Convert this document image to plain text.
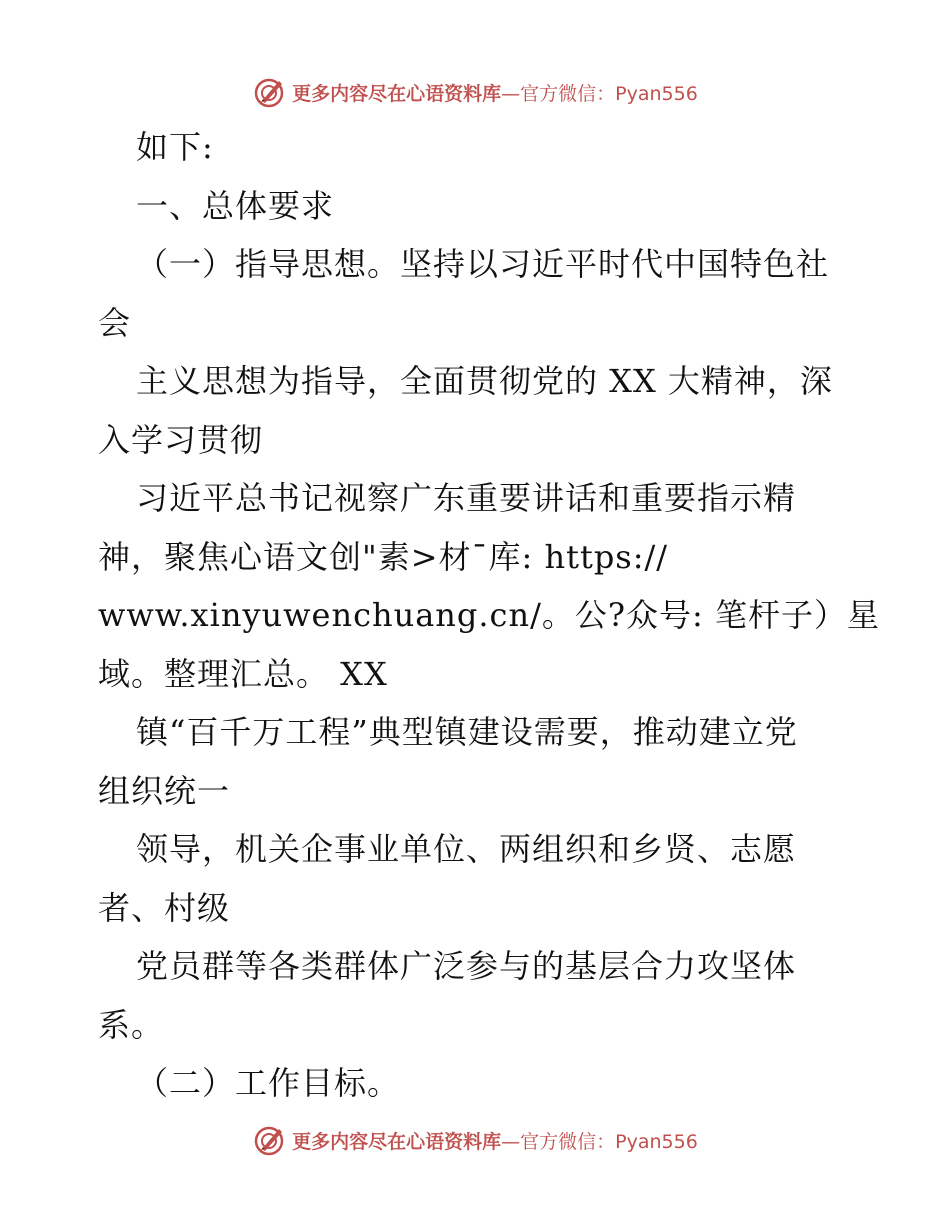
更多内容尽在心语资料库 —官方微信：Pyan556
如下:
一、总体要求
（一）指导思想。坚持以习近平时代中国特色社
会
主义思想为指导，全面贯彻党的 XX 大精神，深
入学习贯彻
习近平总书记视察广东重要讲话和重要指示精
神，聚焦心语文创"素>材¯库: https://
www.xinyuwenchuang.cn/。公?众号: 笔杆子）星
域。整理汇总。 XX
镇“百千万工程”典型镇建设需要，推动建立党
组织统一
领导，机关企事业单位、两组织和乡贤、志愿
者、村级
党员群等各类群体广泛参与的基层合力攻坚体
系。
（二）工作目标。
更多内容尽在心语资料库 —官方微信：Pyan556
